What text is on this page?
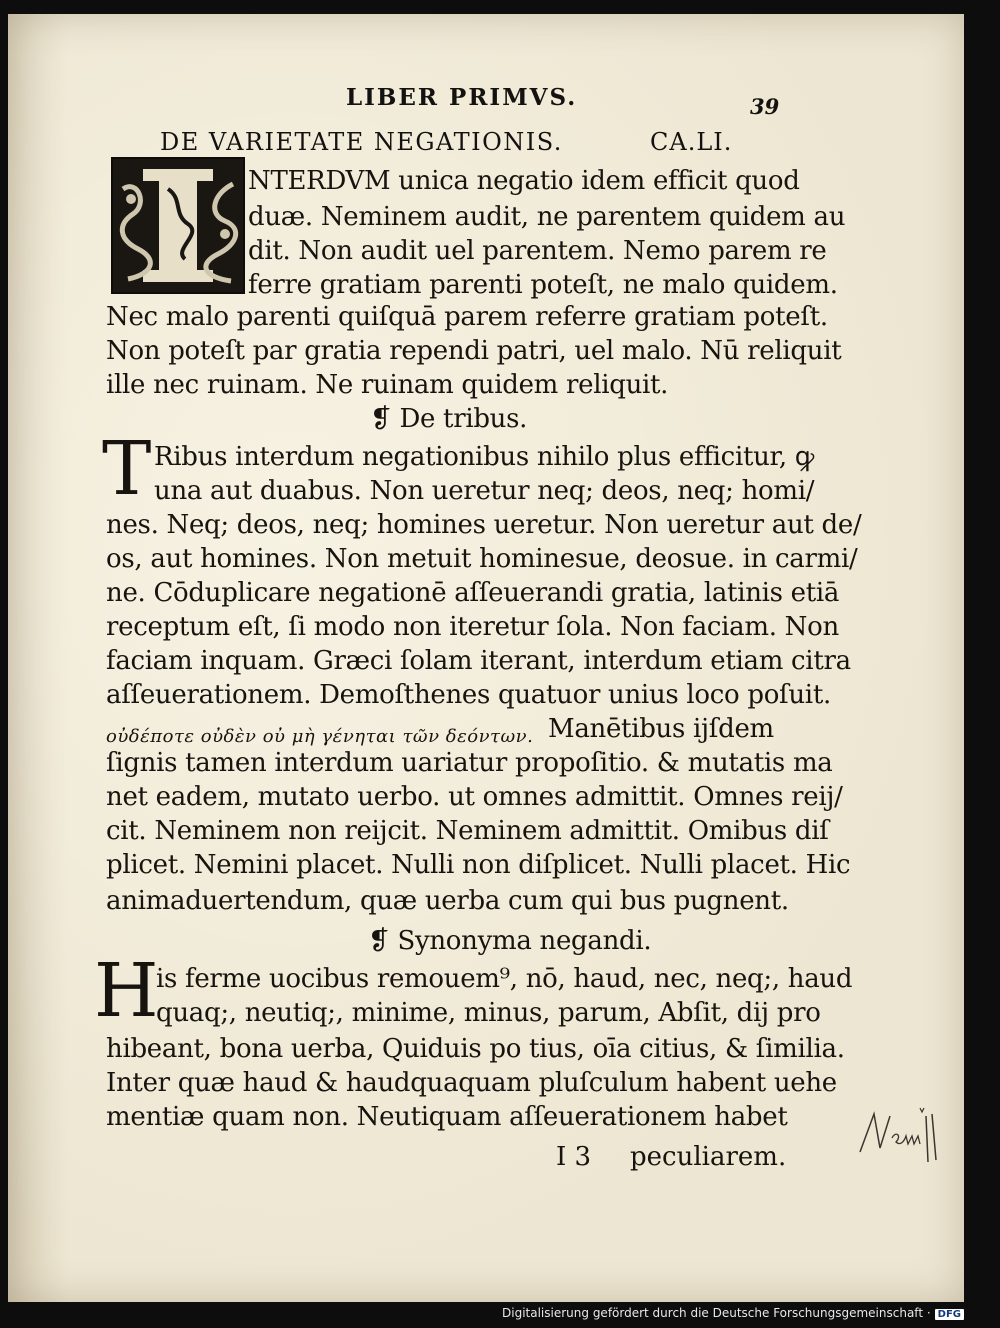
LIBER PRIMVS.	39
DE VARIETATE NEGATIONIS.	CA.LI.
NTERDVM unica negatio idem efficit quod
duæ. Neminem audit, ne parentem quidem au
dit. Non audit uel parentem. Nemo parem re
ferre gratiam parenti poteſt, ne malo quidem.
Nec malo parenti quiſquā parem referre gratiam poteſt.
Non poteſt par gratia rependi patri, uel malo. Nū reliquit
ille nec ruinam. Ne ruinam quidem reliquit.
❡ De tribus.
T Ribus interdum negationibus nihilo plus efficitur, ꝙ
una aut duabus. Non ueretur neq; deos, neq; homi/
nes. Neq; deos, neq; homines ueretur. Non ueretur aut de/
os, aut homines. Non metuit hominesue, deosue. in carmi/
ne. Cōduplicare negationē aſſeuerandi gratia, latinis etiā
receptum eſt, ſi modo non iteretur ſola. Non faciam. Non
faciam inquam. Græci ſolam iterant, interdum etiam citra
aſſeuerationem. Demoſthenes quatuor unius loco poſuit.
οὐδέποτε οὐδὲν οὐ μὴ γένηται τῶν δεόντων. Manētibus ijſdem
ſignis tamen interdum uariatur propoſitio. & mutatis ma
net eadem, mutato uerbo. ut omnes admittit. Omnes reij/
cit. Neminem non reijcit. Neminem admittit. Omibus diſ
plicet. Nemini placet. Nulli non diſplicet. Nulli placet. Hic
animaduertendum, quæ uerba cum qui bus pugnent.
❡ Synonyma negandi.
H
is ferme uocibus remouem⁹, nō, haud, nec, neq;, haud
quaq;, neutiq;, minime, minus, parum, Abſit, dij pro
hibeant, bona uerba, Quiduis po tius, oīa citius, & ſimilia.
Inter quæ haud & haudquaquam pluſculum habent uehe
mentiæ quam non. Neutiquam aſſeuerationem habet
I 3 peculiarem.
Digitalisierung gefördert durch die Deutsche Forschungsgemeinschaft · DFG
